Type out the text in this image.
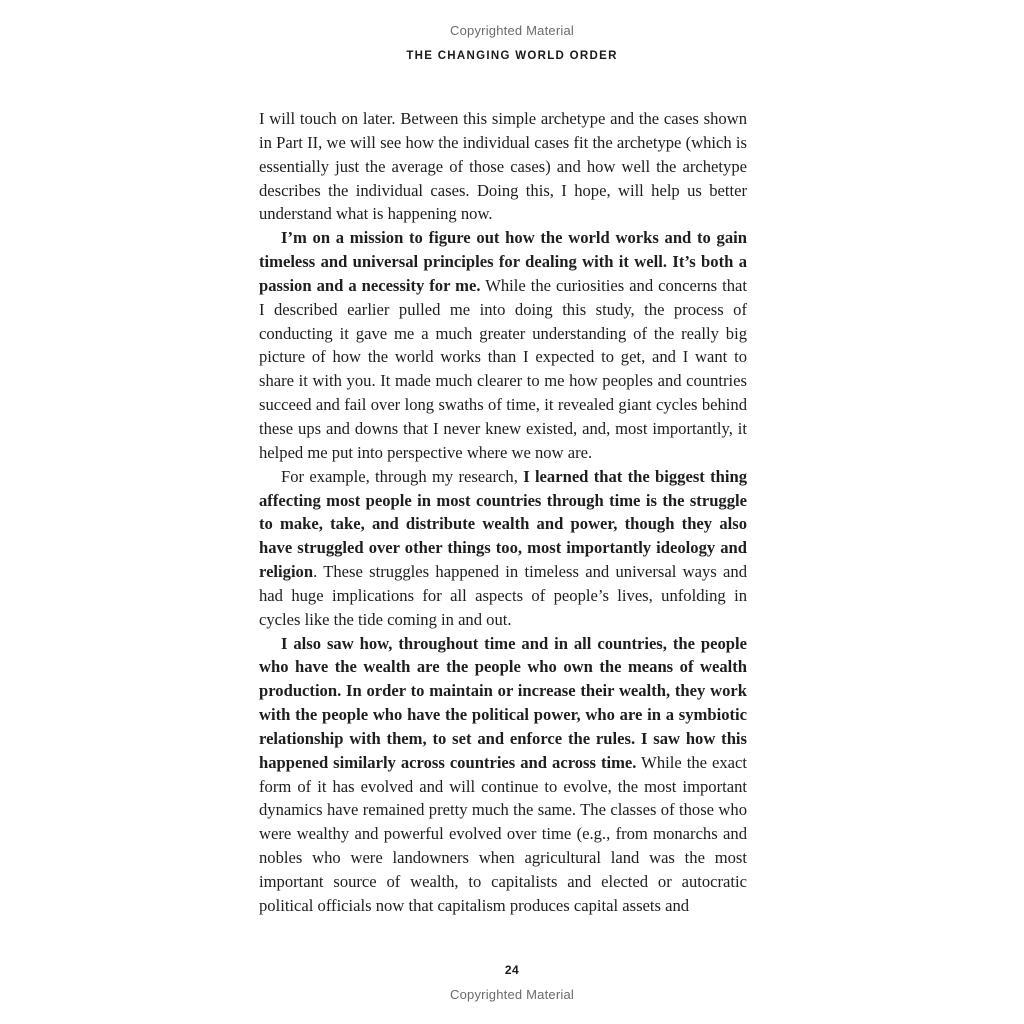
Copyrighted Material
THE CHANGING WORLD ORDER

I will touch on later. Between this simple archetype and the cases shown in Part II, we will see how the individual cases fit the archetype (which is essentially just the average of those cases) and how well the archetype describes the individual cases. Doing this, I hope, will help us better understand what is happening now.

I’m on a mission to figure out how the world works and to gain timeless and universal principles for dealing with it well. It’s both a passion and a necessity for me. While the curiosities and concerns that I described earlier pulled me into doing this study, the process of conducting it gave me a much greater understanding of the really big picture of how the world works than I expected to get, and I want to share it with you. It made much clearer to me how peoples and countries succeed and fail over long swaths of time, it revealed giant cycles behind these ups and downs that I never knew existed, and, most importantly, it helped me put into perspective where we now are.

For example, through my research, I learned that the biggest thing affecting most people in most countries through time is the struggle to make, take, and distribute wealth and power, though they also have struggled over other things too, most importantly ideology and religion. These struggles happened in timeless and universal ways and had huge implications for all aspects of people’s lives, unfolding in cycles like the tide coming in and out.

I also saw how, throughout time and in all countries, the people who have the wealth are the people who own the means of wealth production. In order to maintain or increase their wealth, they work with the people who have the political power, who are in a symbiotic relationship with them, to set and enforce the rules. I saw how this happened similarly across countries and across time. While the exact form of it has evolved and will continue to evolve, the most important dynamics have remained pretty much the same. The classes of those who were wealthy and powerful evolved over time (e.g., from monarchs and nobles who were landowners when agricultural land was the most important source of wealth, to capitalists and elected or autocratic political officials now that capitalism produces capital assets and

24
Copyrighted Material
